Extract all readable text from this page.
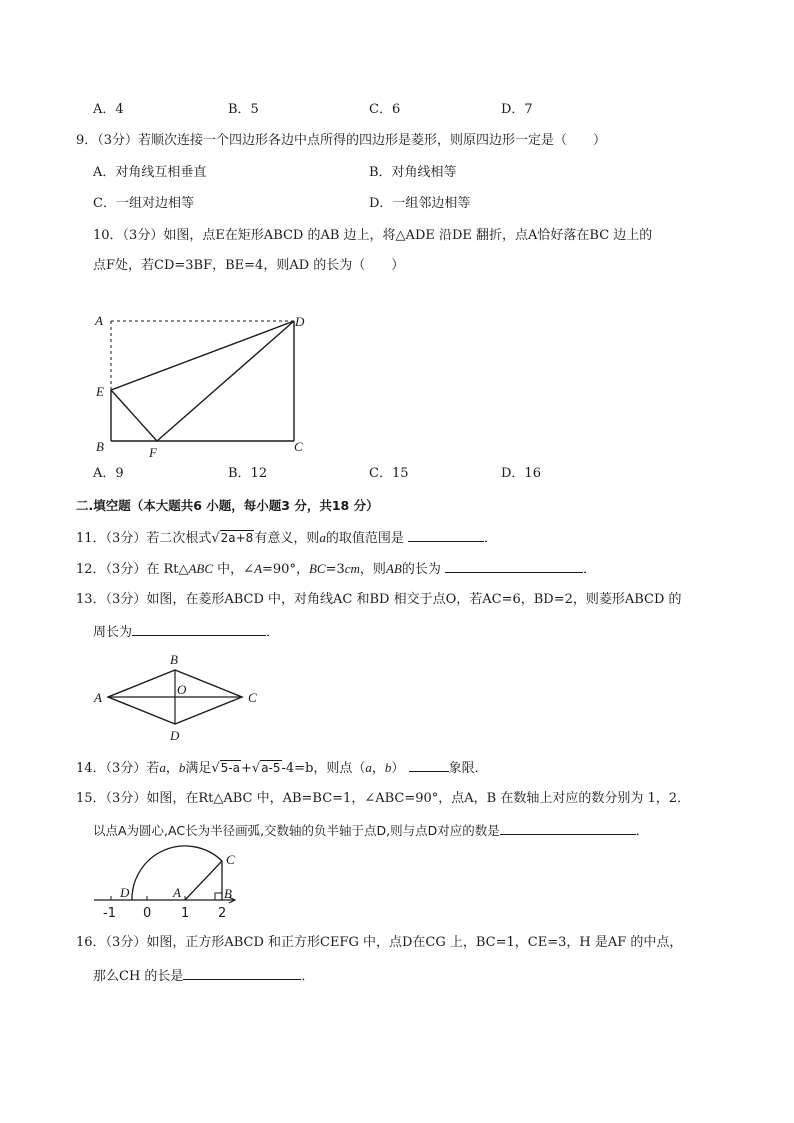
A．4	B．5	C．6	D．7
9．（3分）若顺次连接一个四边形各边中点所得的四边形是菱形，则原四边形一定是（　　）
A．对角线互相垂直	B．对角线相等
C．一组对边相等	D．一组邻边相等
10．（3分）如图，点E在矩形ABCD 的AB 边上，将△ADE 沿DE 翻折，点A恰好落在BC 边上的
点F处，若CD=3BF，BE=4，则AD 的长为（　　）
A	D
E
B	C
F
A．9	B．12	C．15	D．16
二.填空题（本大题共6 小题，每小题3 分，共18 分）
11．（3分）若二次根式√2a+8有意义，则a的取值范围是	．
12．（3分）在 Rt△ABC 中，∠A=90°，BC=3cm，则AB的长为	．
13．（3分）如图，在菱形ABCD 中，对角线AC 和BD 相交于点O，若AC=6，BD=2，则菱形ABCD 的
周长为	．
B
A
O
C
D
14．（3分）若a，b满足√5-a+√a-5-4=b，则点（a，b）	象限．
15．（3分）如图，在Rt△ABC 中，AB=BC=1，∠ABC=90°，点A，B 在数轴上对应的数分别为 1，2．
以点A为圆心,AC长为半径画弧,交数轴的负半轴于点D,则与点D对应的数是	．
C
D	A	B
-1 0 1 2
16．（3分）如图，正方形ABCD 和正方形CEFG 中，点D在CG 上，BC=1，CE=3，H 是AF 的中点，
那么CH 的长是	．
